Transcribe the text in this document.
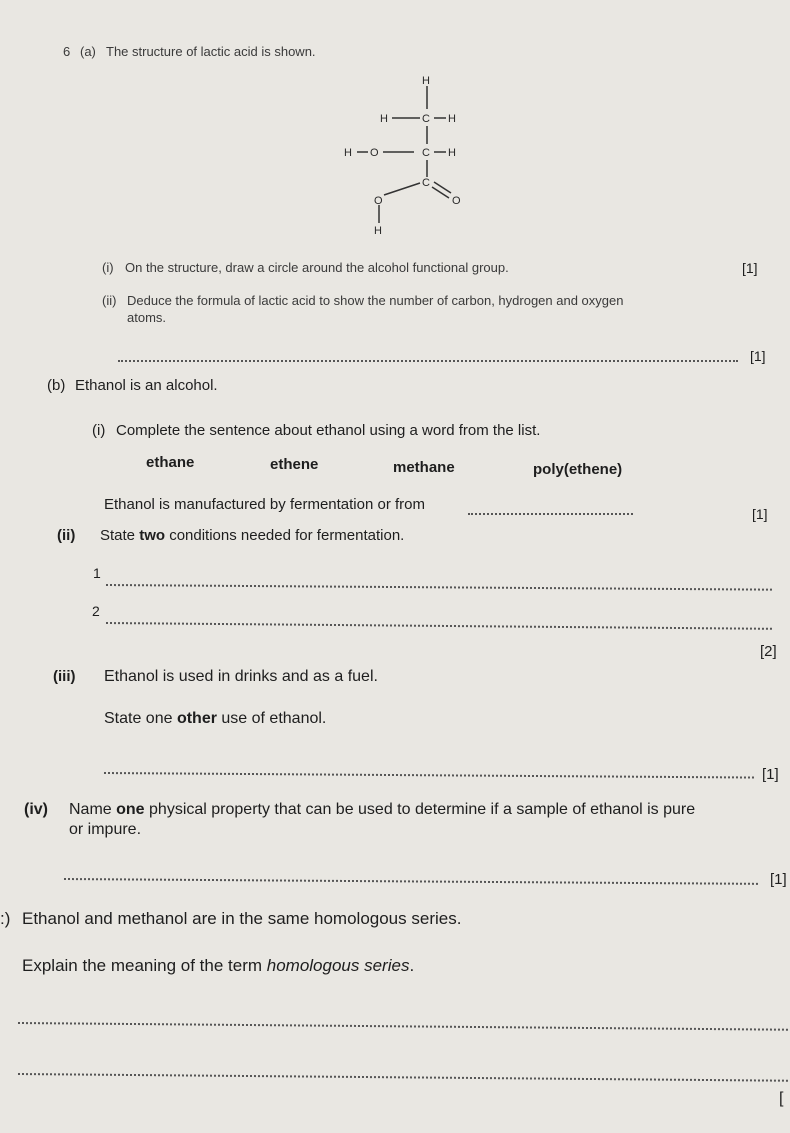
6 (a) The structure of lactic acid is shown.
H
H	C H
H O	C H
C
O	O
H
(i) On the structure, draw a circle around the alcohol functional group.	[1]
(ii) Deduce the formula of lactic acid to show the number of carbon, hydrogen and oxygen
atoms.
[1]
(b) Ethanol is an alcohol.
(i) Complete the sentence about ethanol using a word from the list.
ethane	ethene	methane	poly(ethene)
Ethanol is manufactured by fermentation or from
[1]
(ii) State two conditions needed for fermentation.
1
2
[2]
(iii) Ethanol is used in drinks and as a fuel.
State one other use of ethanol.
[1]
(iv) Name one physical property that can be used to determine if a sample of ethanol is pure
or impure.
[1]
:) Ethanol and methanol are in the same homologous series.
Explain the meaning of the term homologous series.
[
